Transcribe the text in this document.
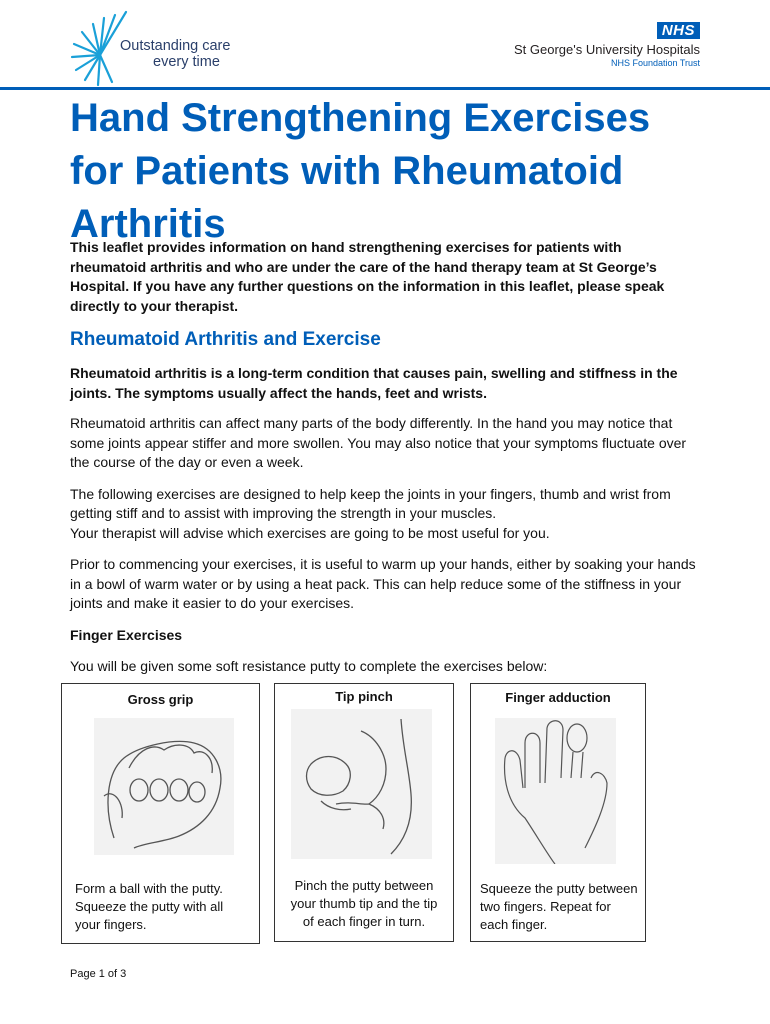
Outstanding care
every time
NHS
St George's University Hospitals
NHS Foundation Trust
Hand Strengthening Exercises for Patients with Rheumatoid Arthritis

This leaflet provides information on hand strengthening exercises for patients with rheumatoid arthritis and who are under the care of the hand therapy team at St George’s Hospital. If you have any further questions on the information in this leaflet, please speak directly to your therapist.

Rheumatoid Arthritis and Exercise

Rheumatoid arthritis is a long-term condition that causes pain, swelling and stiffness in the joints. The symptoms usually affect the hands, feet and wrists.

Rheumatoid arthritis can affect many parts of the body differently. In the hand you may notice that some joints appear stiffer and more swollen. You may also notice that your symptoms fluctuate over the course of the day or even a week.

The following exercises are designed to help keep the joints in your fingers, thumb and wrist from getting stiff and to assist with improving the strength in your muscles.
Your therapist will advise which exercises are going to be most useful for you.

Prior to commencing your exercises, it is useful to warm up your hands, either by soaking your hands in a bowl of warm water or by using a heat pack. This can help reduce some of the stiffness in your joints and make it easier to do your exercises.

Finger Exercises

You will be given some soft resistance putty to complete the exercises below:

Gross grip
Form a ball with the putty. Squeeze the putty with all your fingers.
Tip pinch
Pinch the putty between your thumb tip and the tip of each finger in turn.
Finger adduction
Squeeze the putty between two fingers. Repeat for each finger.
Page 1 of 3
